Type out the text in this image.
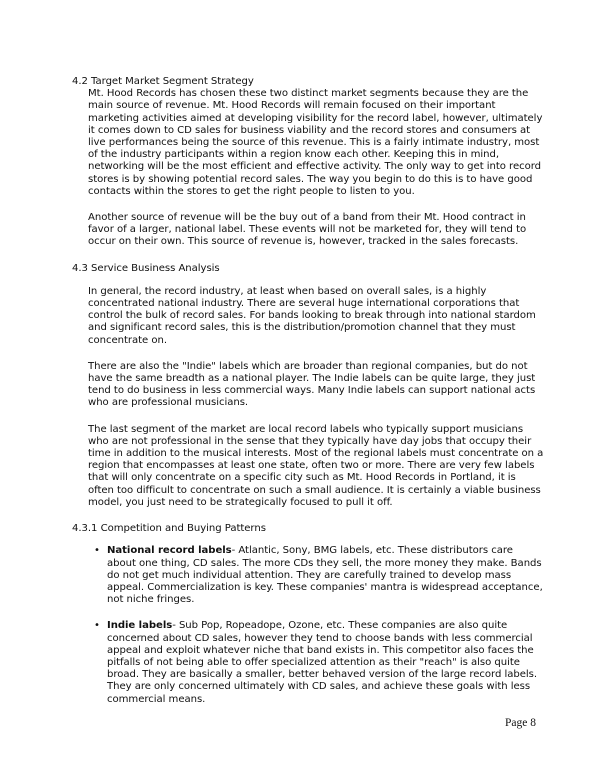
4.2 Target Market Segment Strategy

Mt. Hood Records has chosen these two distinct market segments because they are the main source of revenue. Mt. Hood Records will remain focused on their important marketing activities aimed at developing visibility for the record label, however, ultimately it comes down to CD sales for business viability and the record stores and consumers at live performances being the source of this revenue. This is a fairly intimate industry, most of the industry participants within a region know each other. Keeping this in mind, networking will be the most efficient and effective activity. The only way to get into record stores is by showing potential record sales. The way you begin to do this is to have good contacts within the stores to get the right people to listen to you.

Another source of revenue will be the buy out of a band from their Mt. Hood contract in favor of a larger, national label. These events will not be marketed for, they will tend to occur on their own. This source of revenue is, however, tracked in the sales forecasts.

4.3 Service Business Analysis

In general, the record industry, at least when based on overall sales, is a highly concentrated national industry. There are several huge international corporations that control the bulk of record sales. For bands looking to break through into national stardom and significant record sales, this is the distribution/promotion channel that they must concentrate on.

There are also the "Indie" labels which are broader than regional companies, but do not have the same breadth as a national player. The Indie labels can be quite large, they just tend to do business in less commercial ways. Many Indie labels can support national acts who are professional musicians.

The last segment of the market are local record labels who typically support musicians who are not professional in the sense that they typically have day jobs that occupy their time in addition to the musical interests. Most of the regional labels must concentrate on a region that encompasses at least one state, often two or more. There are very few labels that will only concentrate on a specific city such as Mt. Hood Records in Portland, it is often too difficult to concentrate on such a small audience. It is certainly a viable business model, you just need to be strategically focused to pull it off.

4.3.1 Competition and Buying Patterns
• National record labels- Atlantic, Sony, BMG labels, etc. These distributors care about one thing, CD sales. The more CDs they sell, the more money they make. Bands do not get much individual attention. They are carefully trained to develop mass appeal. Commercialization is key. These companies' mantra is widespread acceptance, not niche fringes.
• Indie labels- Sub Pop, Ropeadope, Ozone, etc. These companies are also quite concerned about CD sales, however they tend to choose bands with less commercial appeal and exploit whatever niche that band exists in. This competitor also faces the pitfalls of not being able to offer specialized attention as their "reach" is also quite broad. They are basically a smaller, better behaved version of the large record labels. They are only concerned ultimately with CD sales, and achieve these goals with less commercial means.
Page 8
